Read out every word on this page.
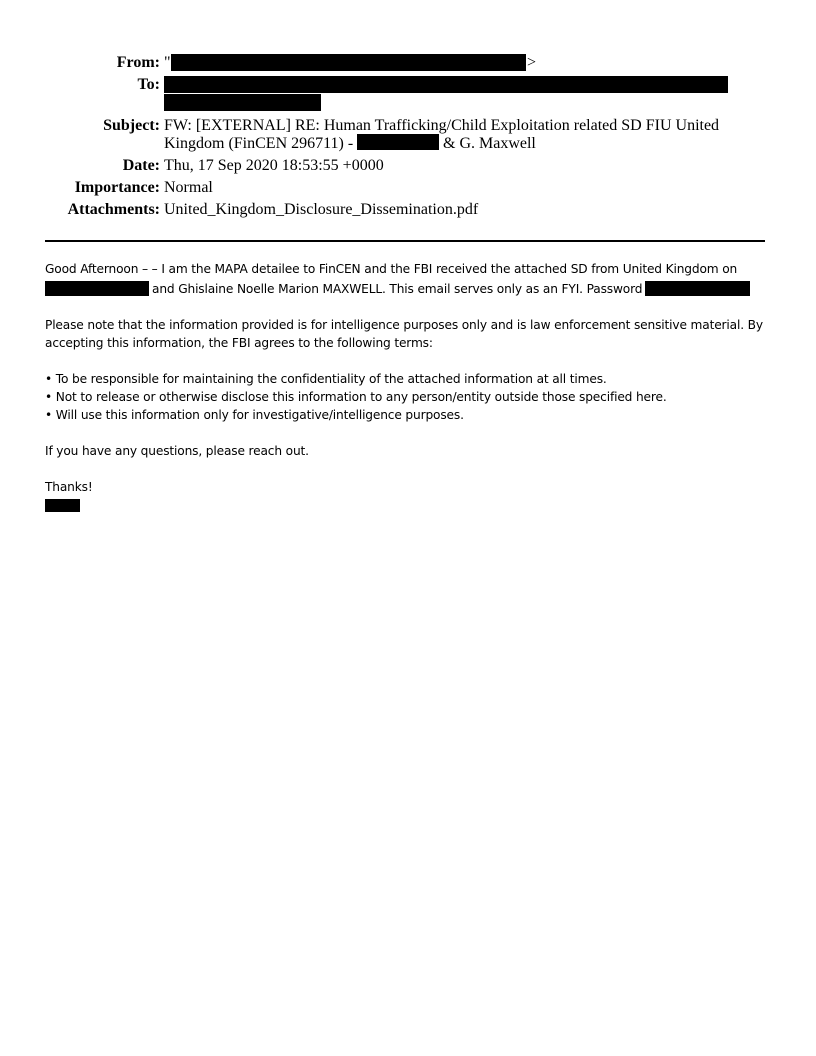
From: "	>
To:
Subject: FW: [EXTERNAL] RE: Human Trafficking/Child Exploitation related SD FIU United
Kingdom (FinCEN 296711) -	& G. Maxwell
Date: Thu, 17 Sep 2020 18:53:55 +0000
Importance: Normal
Attachments: United_Kingdom_Disclosure_Dissemination.pdf
Good Afternoon – – I am the MAPA detailee to FinCEN and the FBI received the attached SD from United Kingdom on
and Ghislaine Noelle Marion MAXWELL. This email serves only as an FYI. Password
Please note that the information provided is for intelligence purposes only and is law enforcement sensitive material. By
accepting this information, the FBI agrees to the following terms:
• To be responsible for maintaining the confidentiality of the attached information at all times.
• Not to release or otherwise disclose this information to any person/entity outside those specified here.
• Will use this information only for investigative/intelligence purposes.
If you have any questions, please reach out.
Thanks!
